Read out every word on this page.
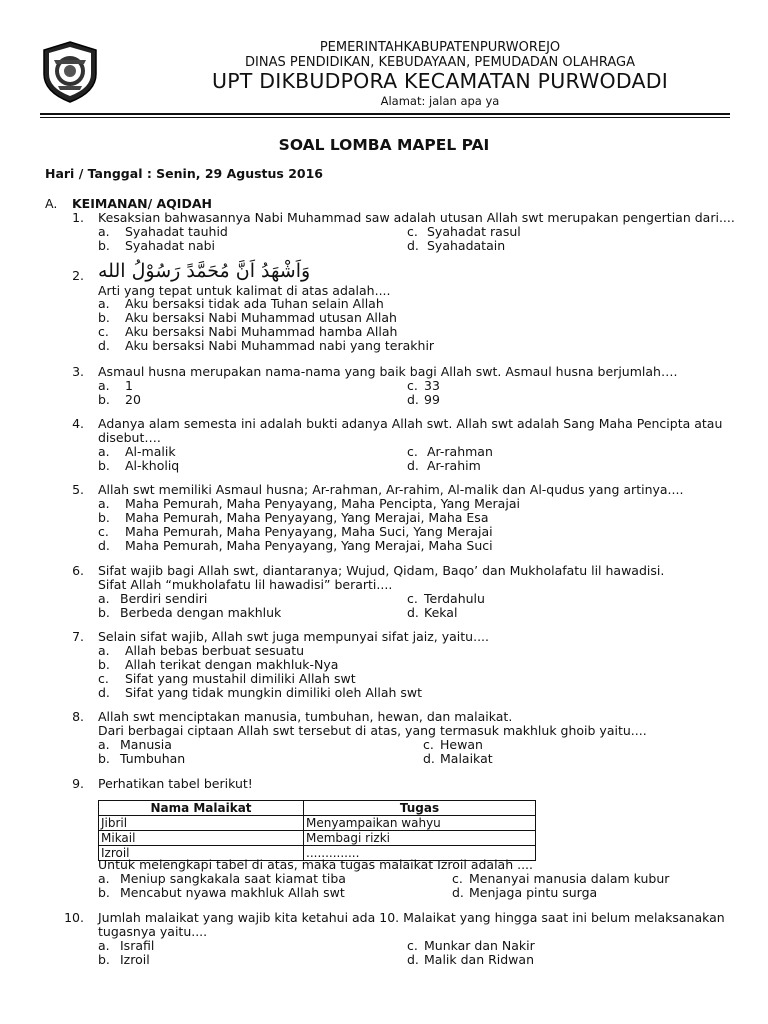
PEMERINTAHKABUPATENPURWOREJO
DINAS PENDIDIKAN, KEBUDAYAAN, PEMUDADAN OLAHRAGA
UPT DIKBUDPORA KECAMATAN PURWODADI
Alamat: jalan apa ya
SOAL LOMBA MAPEL PAI
Hari / Tanggal : Senin, 29 Agustus 2016
A. KEIMANAN/ AQIDAH
1. Kesaksian bahwasannya Nabi Muhammad saw adalah utusan Allah swt merupakan pengertian dari....
a. Syahadat tauhid	c. Syahadat rasul
b. Syahadat nabi	d. Syahadatain
2. وَاَشْهَدُ اَنَّ مُحَمَّدً رَسُوْلُ الله
Arti yang tepat untuk kalimat di atas adalah....
a. Aku bersaksi tidak ada Tuhan selain Allah
b. Aku bersaksi Nabi Muhammad utusan Allah
c. Aku bersaksi Nabi Muhammad hamba Allah
d. Aku bersaksi Nabi Muhammad nabi yang terakhir
3. Asmaul husna merupakan nama-nama yang baik bagi Allah swt. Asmaul husna berjumlah….
a. 1	c. 33
b. 20	d. 99
4. Adanya alam semesta ini adalah bukti adanya Allah swt. Allah swt adalah Sang Maha Pencipta atau
disebut….
a. Al-malik	c. Ar-rahman
b. Al-kholiq	d. Ar-rahim
5. Allah swt memiliki Asmaul husna; Ar-rahman, Ar-rahim, Al-malik dan Al-qudus yang artinya....
a. Maha Pemurah, Maha Penyayang, Maha Pencipta, Yang Merajai
b. Maha Pemurah, Maha Penyayang, Yang Merajai, Maha Esa
c. Maha Pemurah, Maha Penyayang, Maha Suci, Yang Merajai
d. Maha Pemurah, Maha Penyayang, Yang Merajai, Maha Suci
6. Sifat wajib bagi Allah swt, diantaranya; Wujud, Qidam, Baqo’ dan Mukholafatu lil hawadisi.
Sifat Allah “mukholafatu lil hawadisi” berarti....
a. Berdiri sendiri	c. Terdahulu
b. Berbeda dengan makhluk	d. Kekal
7. Selain sifat wajib, Allah swt juga mempunyai sifat jaiz, yaitu....
a. Allah bebas berbuat sesuatu
b. Allah terikat dengan makhluk-Nya
c. Sifat yang mustahil dimiliki Allah swt
d. Sifat yang tidak mungkin dimiliki oleh Allah swt
8. Allah swt menciptakan manusia, tumbuhan, hewan, dan malaikat.
Dari berbagai ciptaan Allah swt tersebut di atas, yang termasuk makhluk ghoib yaitu....
a. Manusia	c. Hewan
b. Tumbuhan	d. Malaikat
9. Perhatikan tabel berikut!
Nama Malaikat	Tugas
Jibril	Menyampaikan wahyu
Mikail	Membagi rizki
Izroil	..............
Untuk melengkapi tabel di atas, maka tugas malaikat Izroil adalah ....
a. Meniup sangkakala saat kiamat tiba	c. Menanyai manusia dalam kubur
b. Mencabut nyawa makhluk Allah swt	d. Menjaga pintu surga
10. Jumlah malaikat yang wajib kita ketahui ada 10. Malaikat yang hingga saat ini belum melaksanakan
tugasnya yaitu....
a. Israfil	c. Munkar dan Nakir
b. Izroil	d. Malik dan Ridwan
